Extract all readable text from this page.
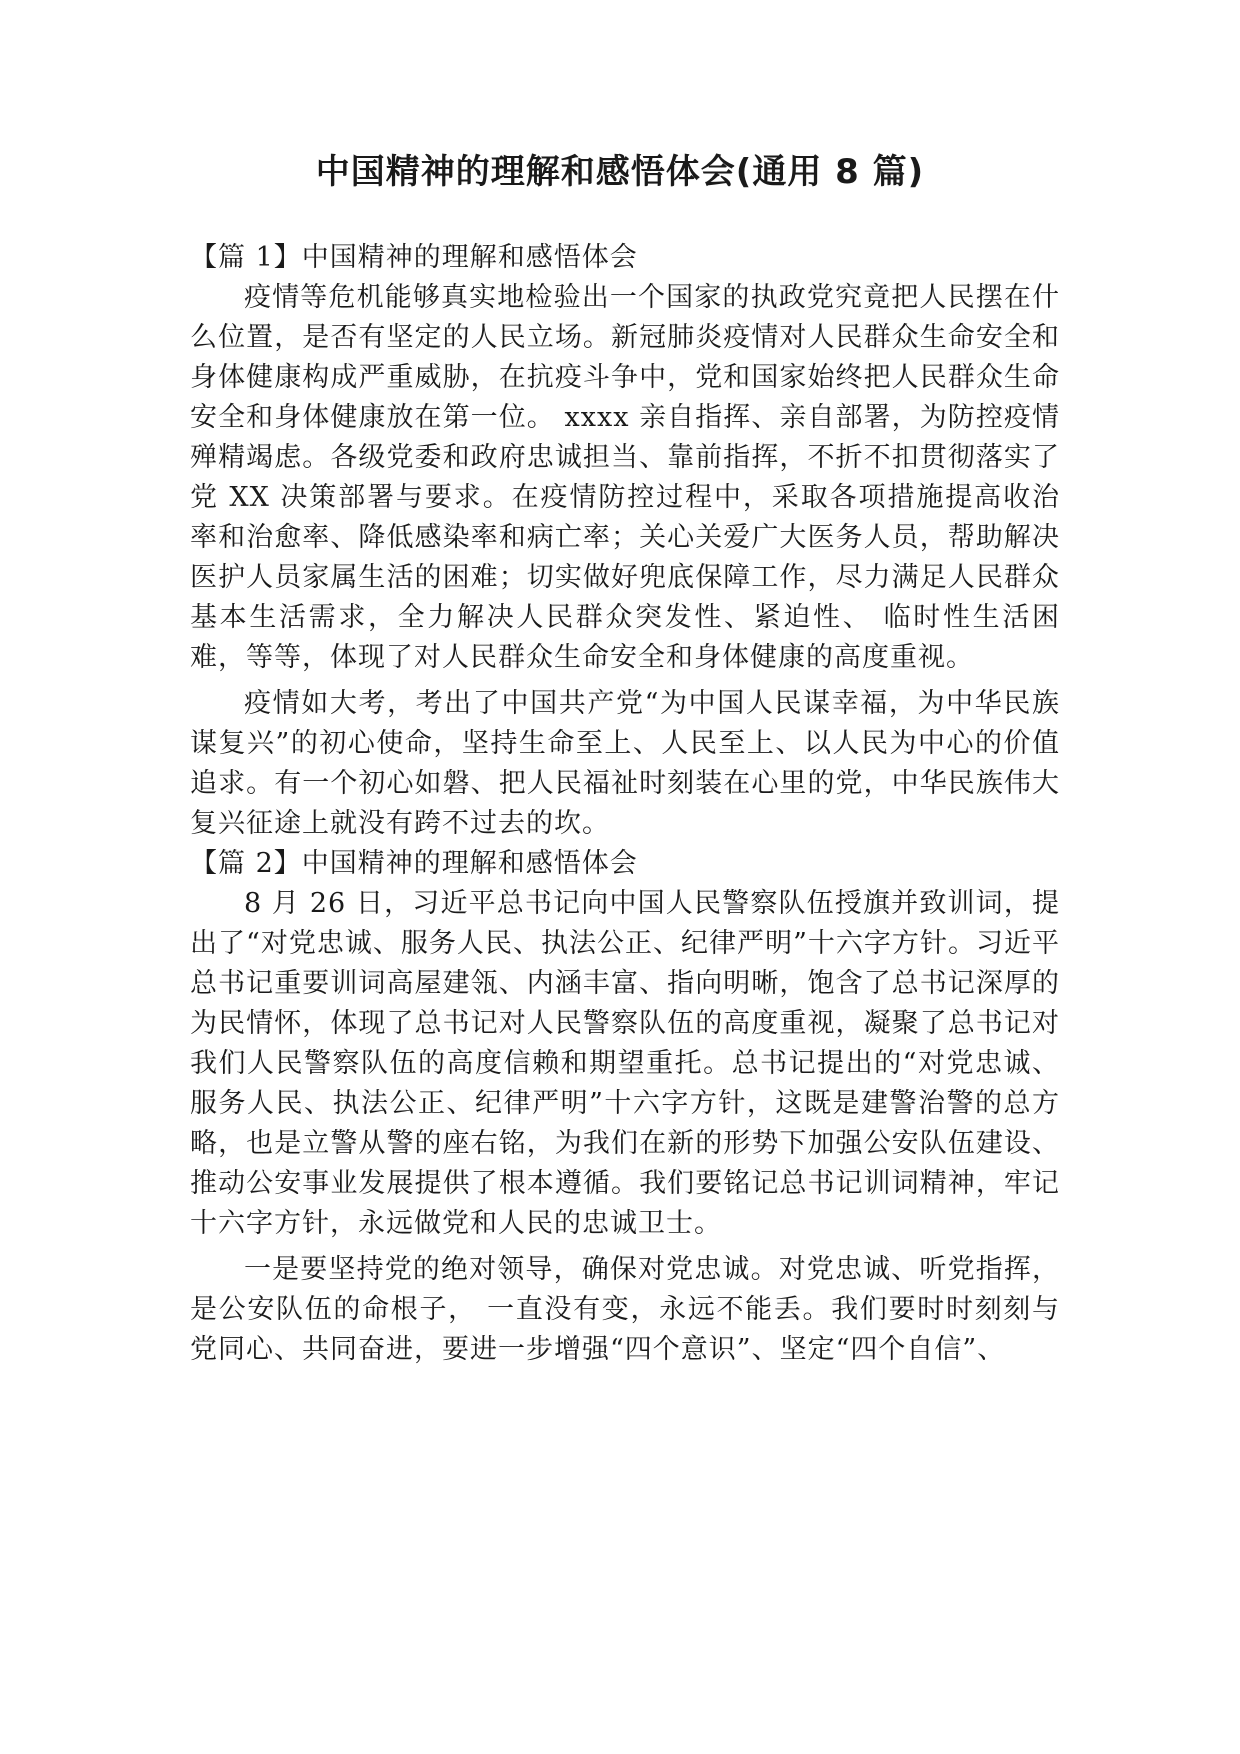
中国精神的理解和感悟体会(通用 8 篇)

【篇 1】中国精神的理解和感悟体会

疫情等危机能够真实地检验出一个国家的执政党究竟把人民摆在什么位置，是否有坚定的人民立场。新冠肺炎疫情对人民群众生命安全和身体健康构成严重威胁，在抗疫斗争中，党和国家始终把人民群众生命安全和身体健康放在第一位。 xxxx 亲自指挥、亲自部署，为防控疫情殚精竭虑。各级党委和政府忠诚担当、靠前指挥，不折不扣贯彻落实了党 XX 决策部署与要求。在疫情防控过程中，采取各项措施提高收治率和治愈率、降低感染率和病亡率；关心关爱广大医务人员，帮助解决医护人员家属生活的困难；切实做好兜底保障工作，尽力满足人民群众基本生活需求，全力解决人民群众突发性、紧迫性、 临时性生活困难，等等，体现了对人民群众生命安全和身体健康的高度重视。

疫情如大考，考出了中国共产党“为中国人民谋幸福，为中华民族谋复兴”的初心使命，坚持生命至上、人民至上、以人民为中心的价值追求。有一个初心如磐、把人民福祉时刻装在心里的党，中华民族伟大复兴征途上就没有跨不过去的坎。

【篇 2】中国精神的理解和感悟体会

8 月 26 日，习近平总书记向中国人民警察队伍授旗并致训词，提出了“对党忠诚、服务人民、执法公正、纪律严明”十六字方针。习近平总书记重要训词高屋建瓴、内涵丰富、指向明晰，饱含了总书记深厚的为民情怀，体现了总书记对人民警察队伍的高度重视，凝聚了总书记对我们人民警察队伍的高度信赖和期望重托。总书记提出的“对党忠诚、服务人民、执法公正、纪律严明”十六字方针，这既是建警治警的总方略，也是立警从警的座右铭，为我们在新的形势下加强公安队伍建设、推动公安事业发展提供了根本遵循。我们要铭记总书记训词精神，牢记十六字方针，永远做党和人民的忠诚卫士。

一是要坚持党的绝对领导，确保对党忠诚。对党忠诚、听党指挥，是公安队伍的命根子， 一直没有变，永远不能丢。我们要时时刻刻与党同心、共同奋进，要进一步增强“四个意识”、坚定“四个自信”、
